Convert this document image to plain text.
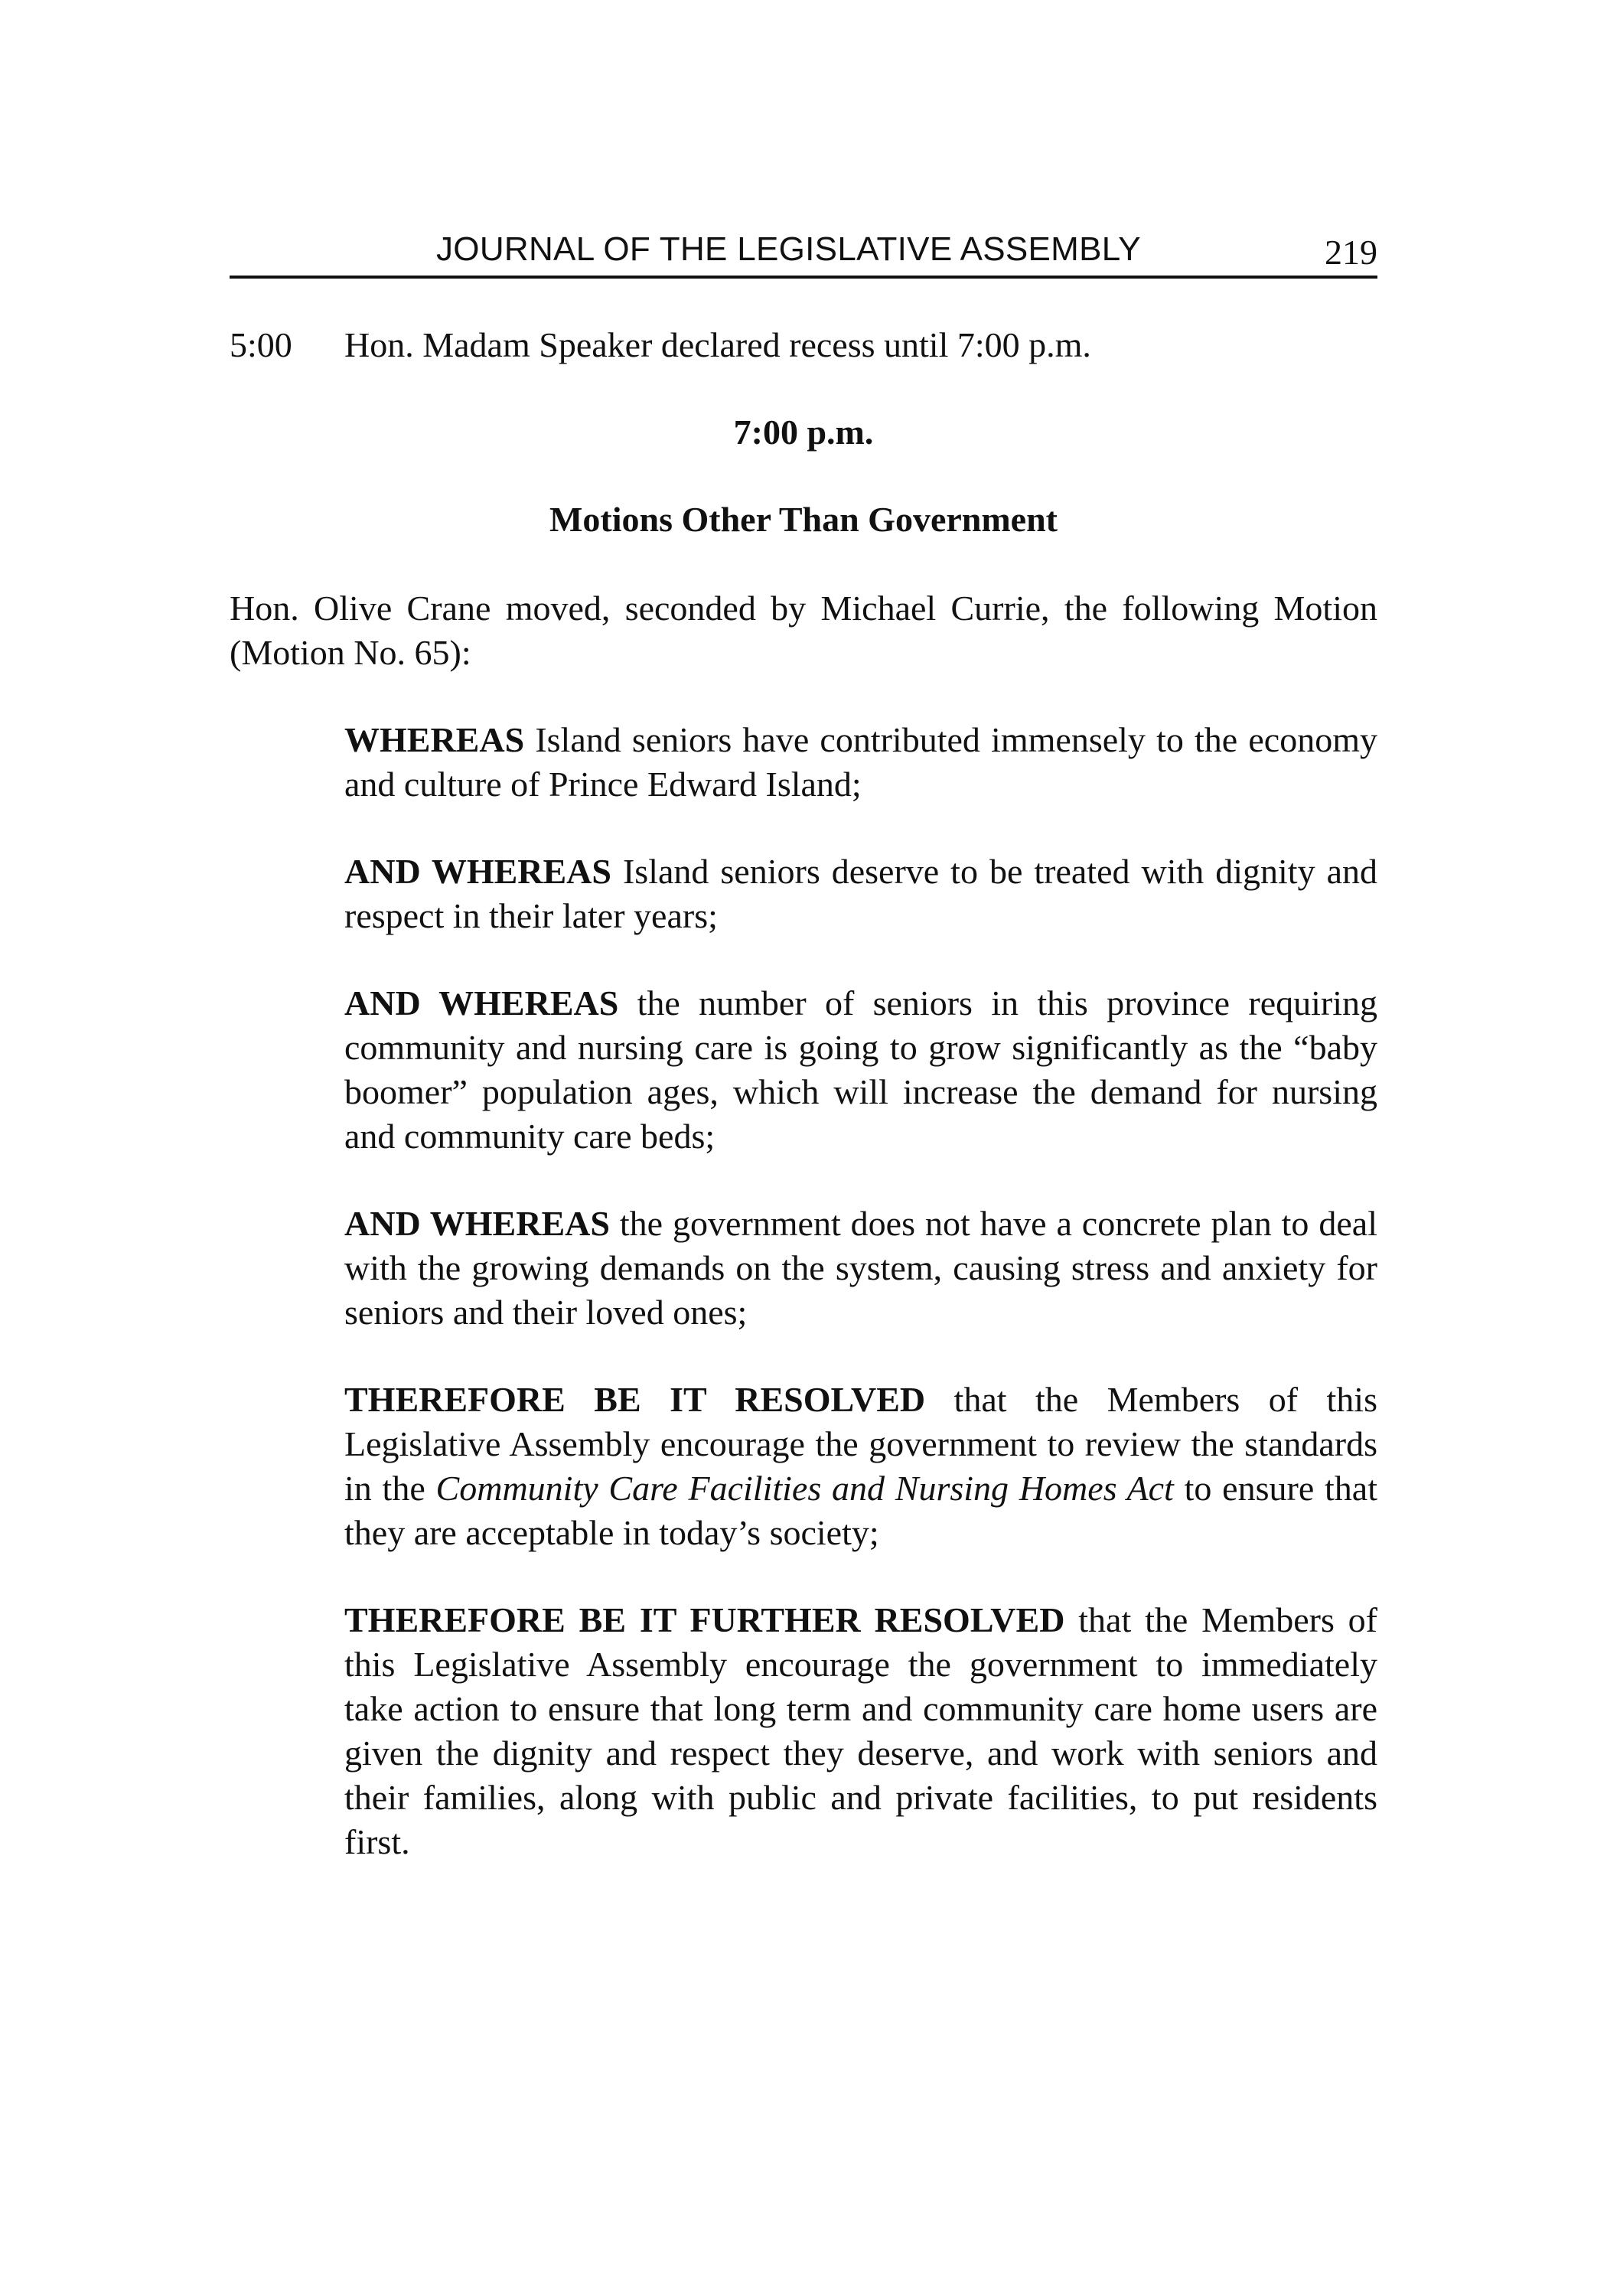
JOURNAL OF THE LEGISLATIVE ASSEMBLY	219
5:00	Hon. Madam Speaker declared recess until 7:00 p.m.
7:00 p.m.
Motions Other Than Government
Hon. Olive Crane moved, seconded by Michael Currie, the following Motion (Motion No. 65):

WHEREAS Island seniors have contributed immensely to the economy and culture of Prince Edward Island;

AND WHEREAS Island seniors deserve to be treated with dignity and respect in their later years;

AND WHEREAS the number of seniors in this province requiring community and nursing care is going to grow significantly as the “baby boomer” population ages, which will increase the demand for nursing and community care beds;

AND WHEREAS the government does not have a concrete plan to deal with the growing demands on the system, causing stress and anxiety for seniors and their loved ones;

THEREFORE BE IT RESOLVED that the Members of this Legislative Assembly encourage the government to review the standards in the Community Care Facilities and Nursing Homes Act to ensure that they are acceptable in today’s society;

THEREFORE BE IT FURTHER RESOLVED that the Members of this Legislative Assembly encourage the government to immediately take action to ensure that long term and community care home users are given the dignity and respect they deserve, and work with seniors and their families, along with public and private facilities, to put residents first.
